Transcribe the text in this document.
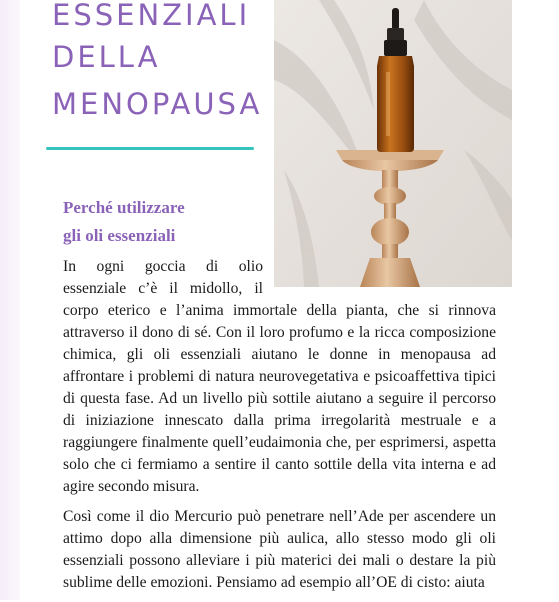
ESSENZIALI
DELLA
MENOPAUSA
Perché utilizzare
gli oli essenziali

In ogni goccia di olio essenziale c’è il midollo, il corpo eterico e l’anima immortale della pianta, che si rinnova attraverso il dono di sé. Con il loro profumo e la ricca composizione chimica, gli oli essenziali aiutano le donne in menopausa ad affrontare i problemi di natura neurovegetativa e psicoaffettiva tipici di questa fase. Ad un livello più sottile aiutano a seguire il percorso di iniziazione innescato dalla prima irregolarità mestruale e a raggiungere finalmente quell’eudaimonia che, per esprimersi, aspetta solo che ci fermiamo a sentire il canto sottile della vita interna e ad agire secondo misura.

Così come il dio Mercurio può penetrare nell’Ade per ascendere un attimo dopo alla dimensione più aulica, allo stesso modo gli oli essenziali possono alleviare i più materici dei mali o destare la più sublime delle emozioni. Pensiamo ad esempio all’OE di cisto: aiuta
